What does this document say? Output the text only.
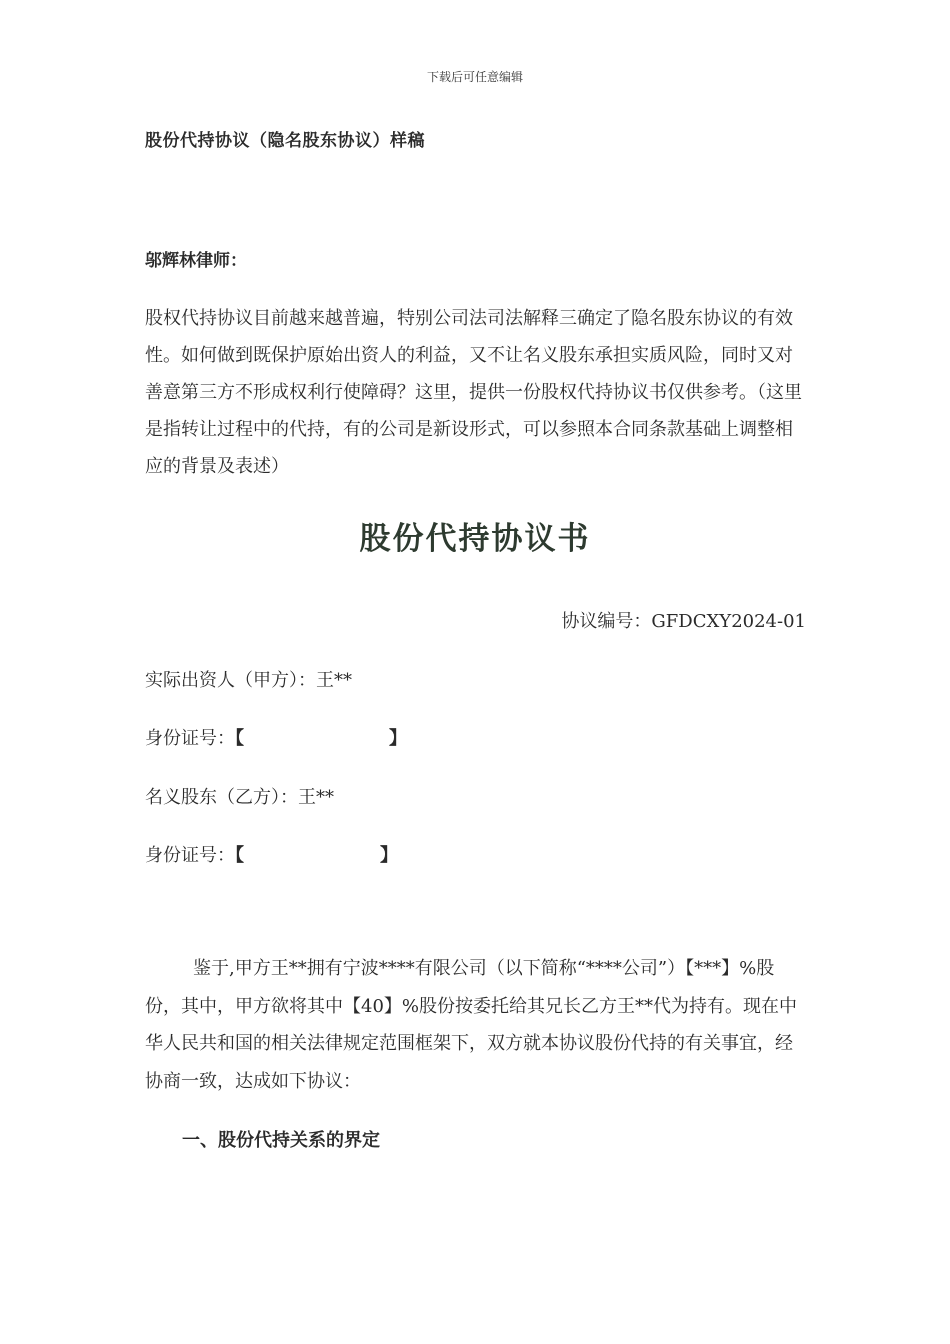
下载后可任意编辑
股份代持协议（隐名股东协议）样稿
邬辉林律师：

股权代持协议目前越来越普遍，特别公司法司法解释三确定了隐名股东协议的有效性。如何做到既保护原始出资人的利益，又不让名义股东承担实质风险，同时又对善意第三方不形成权利行使障碍？这里，提供一份股权代持协议书仅供参考。（这里是指转让过程中的代持，有的公司是新设形式，可以参照本合同条款基础上调整相应的背景及表述）

股份代持协议书
协议编号：GFDCXY2024-01
实际出资人（甲方）：王**
身份证号：【	】
名义股东（乙方）：王**
身份证号：【	】

鉴于,甲方王**拥有宁波****有限公司（以下简称“****公司”）【***】%股份，其中，甲方欲将其中【40】%股份按委托给其兄长乙方王**代为持有。现在中华人民共和国的相关法律规定范围框架下，双方就本协议股份代持的有关事宜，经协商一致，达成如下协议：

一、股份代持关系的界定
